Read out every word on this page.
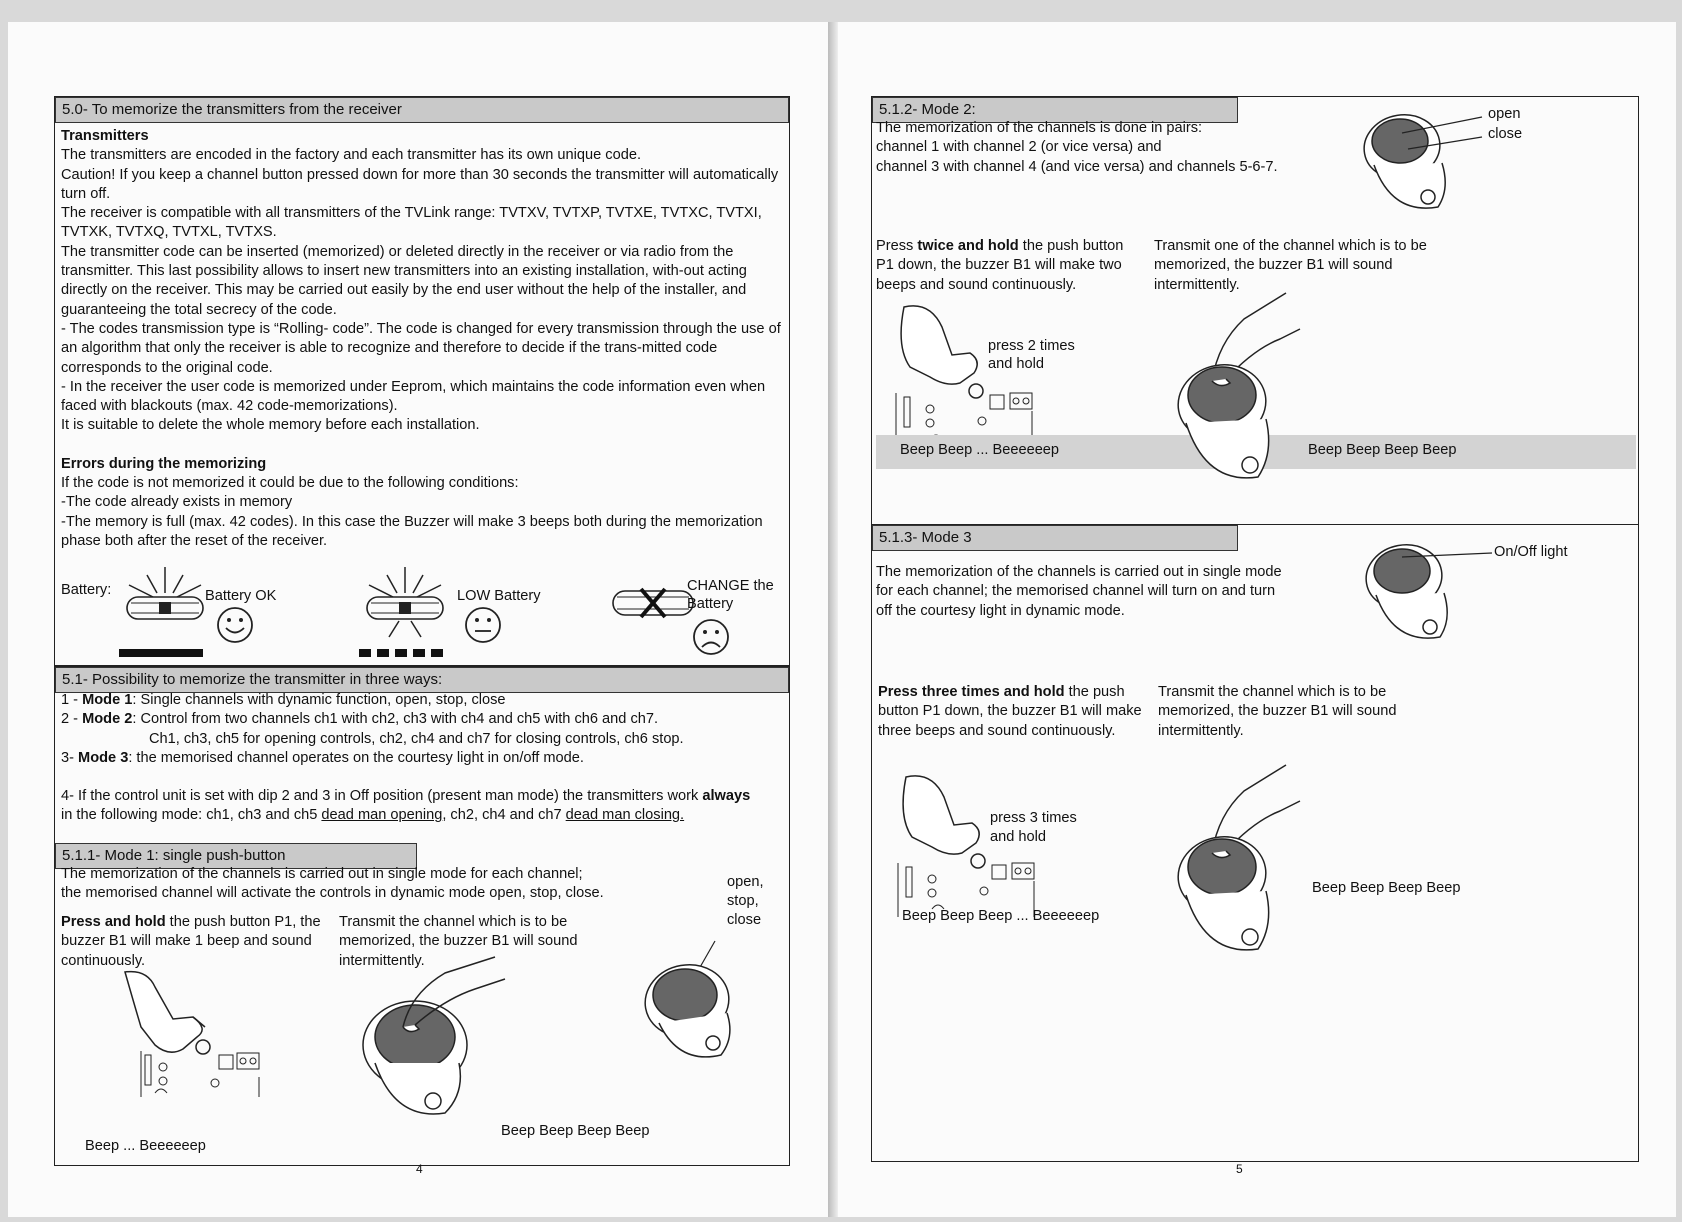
5.0- To memorize the transmitters from the receiver

Transmitters

The transmitters are encoded in the factory and each transmitter has its own unique code.

Caution! If you keep a channel button pressed down for more than 30 seconds the transmitter will automatically turn off.

The receiver is compatible with all transmitters of the TVLink range: TVTXV, TVTXP, TVTXE, TVTXC, TVTXI, TVTXK, TVTXQ, TVTXL, TVTXS.

The transmitter code can be inserted (memorized) or deleted directly in the receiver or via radio from the transmitter. This last possibility allows to insert new transmitters into an existing installation, with-out acting directly on the receiver. This may be carried out easily by the end user without the help of the installer, and guaranteeing the total secrecy of the code.

- The codes transmission type is “Rolling- code”. The code is changed for every transmission through the use of an algorithm that only the receiver is able to recognize and therefore to decide if the trans-mitted code corresponds to the original code.

- In the receiver the user code is memorized under Eeprom, which maintains the code information even when faced with blackouts (max. 42 code-memorizations).

It is suitable to delete the whole memory before each installation.

Errors during the memorizing

If the code is not memorized it could be due to the following conditions:

-The code already exists in memory

-The memory is full (max. 42 codes). In this case the Buzzer will make 3 beeps both during the memorization phase both after the reset of the receiver.

Battery:	Battery OK	LOW Battery
CHANGE the
Battery
5.1- Possibility to memorize the transmitter in three ways:

1 - Mode 1: Single channels with dynamic function, open, stop, close

2 - Mode 2: Control from two channels ch1 with ch2, ch3 with ch4 and ch5 with ch6 and ch7.

Ch1, ch3, ch5 for opening controls, ch2, ch4 and ch7 for closing controls, ch6 stop.

3- Mode 3: the memorised channel operates on the courtesy light in on/off mode.

4- If the control unit is set with dip 2 and 3 in Off position (present man mode) the transmitters work always in the following mode: ch1, ch3 and ch5 dead man opening, ch2, ch4 and ch7 dead man closing.

5.1.1- Mode 1: single push-button

The memorization of the channels is carried out in single mode for each channel;

the memorised channel will activate the controls in dynamic mode open, stop, close.

open,
stop,
close

Press and hold the push button P1, the buzzer B1 will make 1 beep and sound continuously.

Transmit the channel which is to be memorized, the buzzer B1 will sound intermittently.

Beep ... Beeeeeep
Beep Beep Beep Beep
4
5.1.2- Mode 2:

The memorization of the channels is done in pairs:

channel 1 with channel 2 (or vice versa) and

channel 3 with channel 4 (and vice versa) and channels 5-6-7.

open
close

Press twice and hold the push button P1 down, the buzzer B1 will make two beeps and sound continuously.

Transmit one of the channel which is to be memorized, the buzzer B1 will sound intermittently.

press 2 times
and hold
Beep Beep ... Beeeeeep	Beep Beep Beep Beep
5.1.3- Mode 3

The memorization of the channels is carried out in single mode

for each channel; the memorised channel will turn on and turn

off the courtesy light in dynamic mode.

On/Off light

Press three times and hold the push button P1 down, the buzzer B1 will make three beeps and sound continuously.

Transmit the channel which is to be memorized, the buzzer B1 will sound intermittently.

press 3 times
and hold
Beep Beep Beep ... Beeeeeep
Beep Beep Beep Beep
5
